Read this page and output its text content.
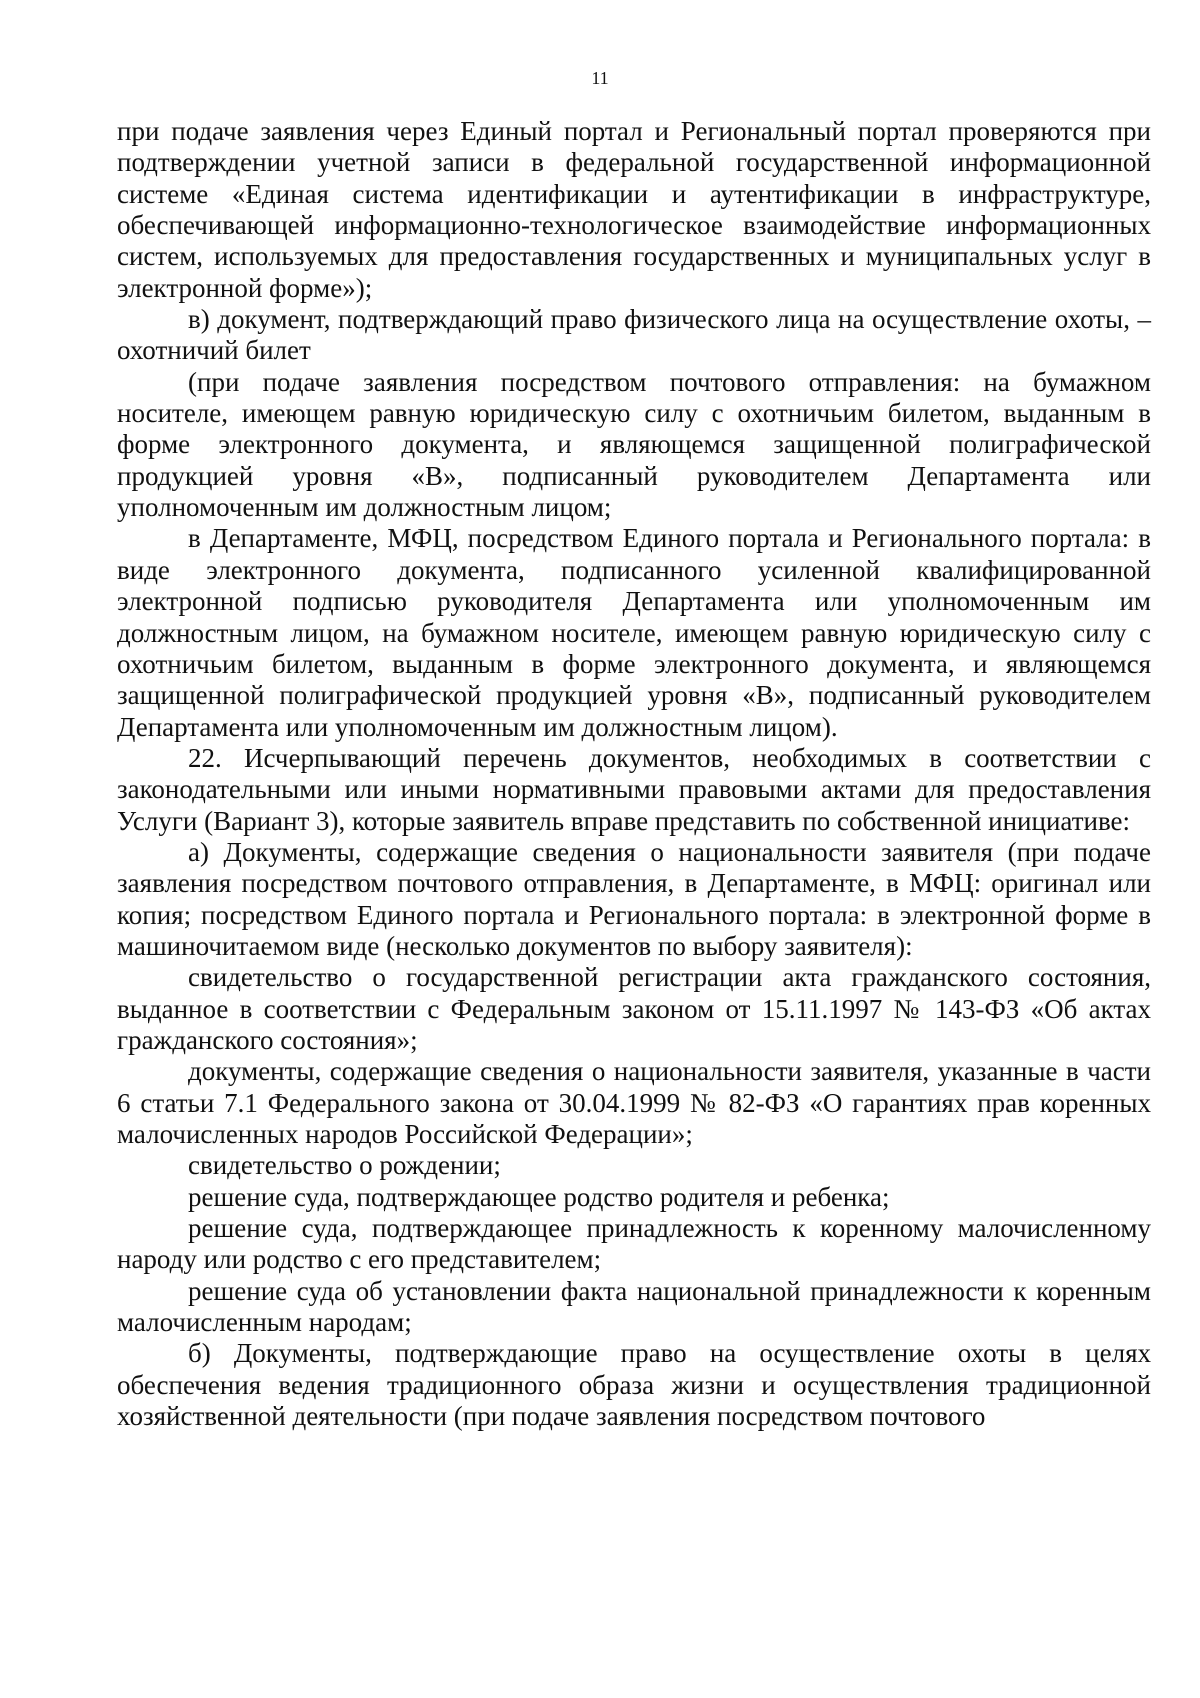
11

при подаче заявления через Единый портал и Региональный портал проверяются при подтверждении учетной записи в федеральной государственной информационной системе «Единая система идентификации и аутентификации в инфраструктуре, обеспечивающей информационно-технологическое взаимодействие информационных систем, используемых для предоставления государственных и муниципальных услуг в электронной форме»);

в) документ, подтверждающий право физического лица на осуществление охоты, – охотничий билет

(при подаче заявления посредством почтового отправления: на бумажном носителе, имеющем равную юридическую силу с охотничьим билетом, выданным в форме электронного документа, и являющемся защищенной полиграфической продукцией уровня «В», подписанный руководителем Департамента или уполномоченным им должностным лицом;

в Департаменте, МФЦ, посредством Единого портала и Регионального портала: в виде электронного документа, подписанного усиленной квалифицированной электронной подписью руководителя Департамента или уполномоченным им должностным лицом, на бумажном носителе, имеющем равную юридическую силу с охотничьим билетом, выданным в форме электронного документа, и являющемся защищенной полиграфической продукцией уровня «В», подписанный руководителем Департамента или уполномоченным им должностным лицом).

22. Исчерпывающий перечень документов, необходимых в соответствии с законодательными или иными нормативными правовыми актами для предоставления Услуги (Вариант 3), которые заявитель вправе представить по собственной инициативе:

а) Документы, содержащие сведения о национальности заявителя (при подаче заявления посредством почтового отправления, в Департаменте, в МФЦ: оригинал или копия; посредством Единого портала и Регионального портала: в электронной форме в машиночитаемом виде (несколько документов по выбору заявителя):

свидетельство о государственной регистрации акта гражданского состояния, выданное в соответствии с Федеральным законом от 15.11.1997 № 143-ФЗ «Об актах гражданского состояния»;

документы, содержащие сведения о национальности заявителя, указанные в части 6 статьи 7.1 Федерального закона от 30.04.1999 № 82-ФЗ «О гарантиях прав коренных малочисленных народов Российской Федерации»;

свидетельство о рождении;

решение суда, подтверждающее родство родителя и ребенка;

решение суда, подтверждающее принадлежность к коренному малочисленному народу или родство с его представителем;

решение суда об установлении факта национальной принадлежности к коренным малочисленным народам;

б) Документы, подтверждающие право на осуществление охоты в целях обеспечения ведения традиционного образа жизни и осуществления традиционной хозяйственной деятельности (при подаче заявления посредством почтового
